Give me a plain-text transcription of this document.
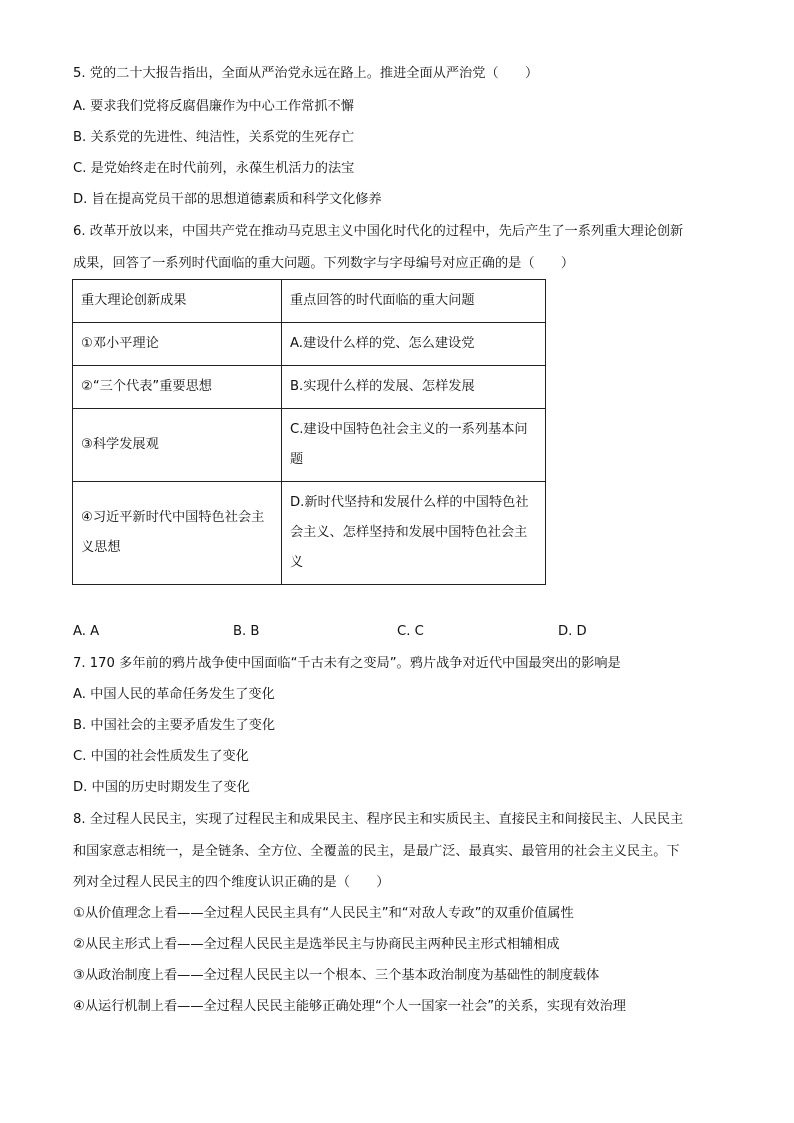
5. 党的二十大报告指出，全面从严治党永远在路上。推进全面从严治党（　　）
A. 要求我们党将反腐倡廉作为中心工作常抓不懈
B. 关系党的先进性、纯洁性，关系党的生死存亡
C. 是党始终走在时代前列，永葆生机活力的法宝
D. 旨在提高党员干部的思想道德素质和科学文化修养
6. 改革开放以来，中国共产党在推动马克思主义中国化时代化的过程中，先后产生了一系列重大理论创新
成果，回答了一系列时代面临的重大问题。下列数字与字母编号对应正确的是（　　）
重大理论创新成果	重点回答的时代面临的重大问题
①邓小平理论	A.建设什么样的党、怎么建设党
②“三个代表”重要思想	B.实现什么样的发展、怎样发展
③科学发展观	C.建设中国特色社会主义的一系列基本问题
④习近平新时代中国特色社会主义思想	D.新时代坚持和发展什么样的中国特色社会主义、怎样坚持和发展中国特色社会主义
A. A	B. B	C. C	D. D
7. 170 多年前的鸦片战争使中国面临“千古未有之变局”。鸦片战争对近代中国最突出的影响是
A. 中国人民的革命任务发生了变化
B. 中国社会的主要矛盾发生了变化
C. 中国的社会性质发生了变化
D. 中国的历史时期发生了变化
8. 全过程人民民主，实现了过程民主和成果民主、程序民主和实质民主、直接民主和间接民主、人民民主
和国家意志相统一，是全链条、全方位、全覆盖的民主，是最广泛、最真实、最管用的社会主义民主。下
列对全过程人民民主的四个维度认识正确的是（　　）
①从价值理念上看——全过程人民民主具有“人民民主”和“对敌人专政”的双重价值属性
②从民主形式上看——全过程人民民主是选举民主与协商民主两种民主形式相辅相成
③从政治制度上看——全过程人民民主以一个根本、三个基本政治制度为基础性的制度载体
④从运行机制上看——全过程人民民主能够正确处理“个人一国家一社会”的关系，实现有效治理
